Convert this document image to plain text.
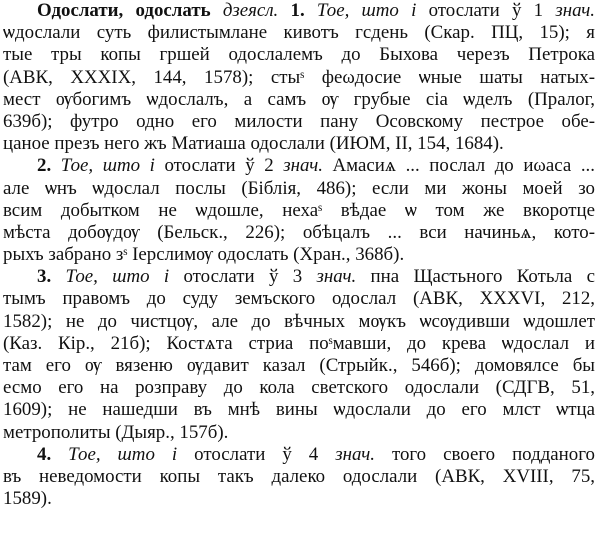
Одослати, одослать дзеясл. 1. Тое, што і отослати ў 1 знач.
ѡдослали суть филистымлане кивотъ гсдень (Скар. ПЦ, 15); я
тые тры копы гршей одослалемъ до Быхова черезъ Петрока
(АВК, XXXIX, 144, 1578); стыˢ феωдосие ѡные шаты натых-
мест ѹбогимъ ѡдослалъ, а самъ ѹ грубые сіа ѡделъ (Пралог,
639б); футро одно его милости пану Осовскому пестрое обе-
цаное презъ него жъ Матиаша одослали (ИЮМ, II, 154, 1684).
2. Тое, што і отослати ў 2 знач. Амасиѧ ... послал до иωаса ...
але ѡнъ ѡдослал послы (Біблія, 486); если ми жоны моей зо
всим добытком не ѡдошле, нехаˢ вѣдае ѡ том же вкоротце
мѣста добѹдѹ (Бельск., 226); обѣцалъ ... вси начиньѧ, кото-
рыхъ забрано зˢ Іерслимѹ одослать (Хран., 368б).
3. Тое, што і отослати ў 3 знач. пна Щастьного Котьла с
тымъ правомъ до суду земъского одослал (АВК, XXXVI, 212,
1582); не до чистцѹ, але до вѣчных мѹкъ ѡсѹдивши ѡдошлет
(Каз. Кір., 21б); Костѧта стриа поˢмавши, до крева ѡдослал и
там его ѹ вязеню ѹдавит казал (Стрыйк., 546б); домовялсе бы
есмо его на розправу до кола светского одослали (СДГВ, 51,
1609); не нашедши въ мнѣ вины ѡдослали до его млст ѡтца
метрополиты (Дыяр., 157б).
4. Тое, што і отослати ў 4 знач. того своего подданого
въ неведомости копы такъ далеко одослали (АВК, XVIII, 75,
1589).
